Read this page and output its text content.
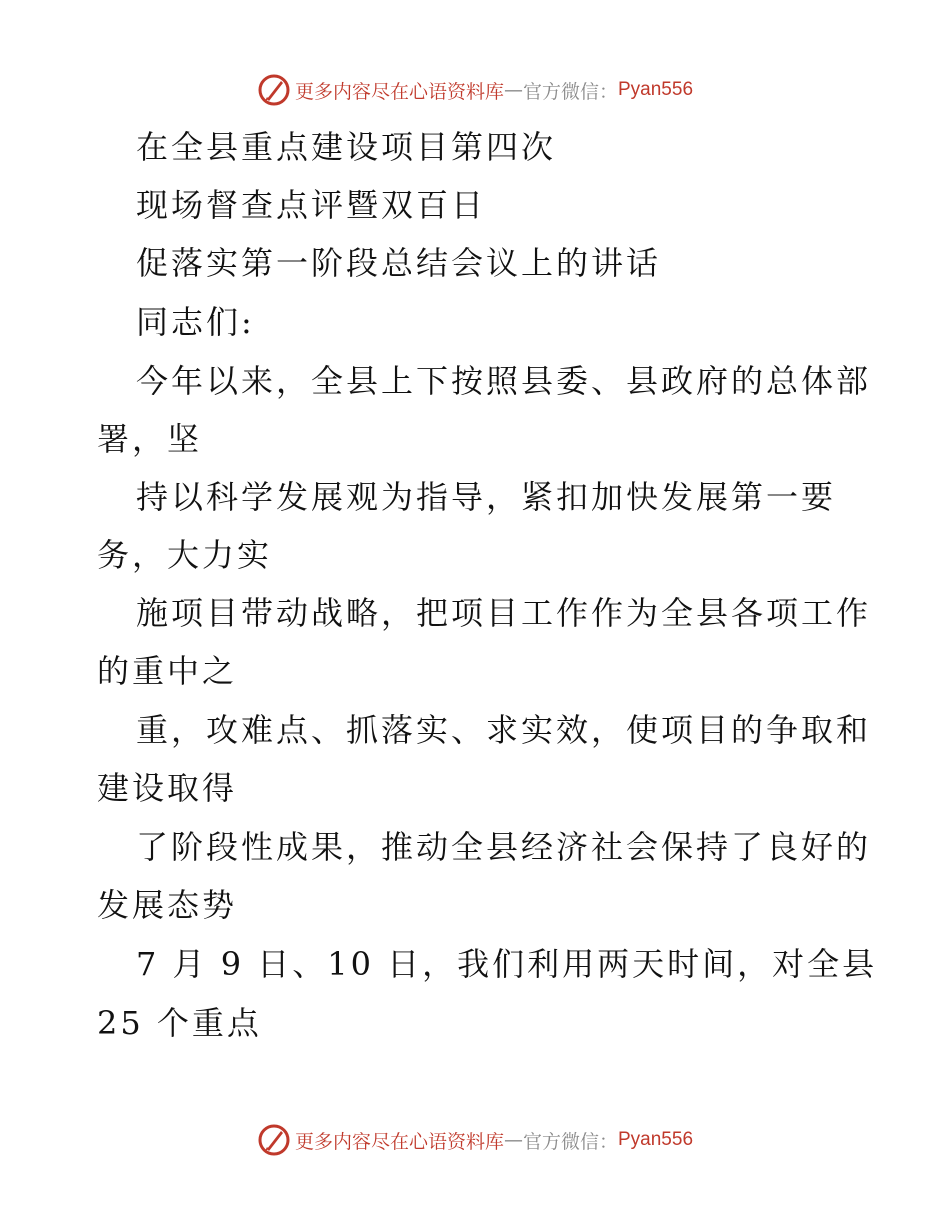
更多内容尽在心语资料库 — 官方微信： Pyan556
在全县重点建设项目第四次
现场督查点评暨双百日
促落实第一阶段总结会议上的讲话
同志们:
今年以来，全县上下按照县委、县政府的总体部
署，坚
持以科学发展观为指导，紧扣加快发展第一要
务，大力实
施项目带动战略，把项目工作作为全县各项工作
的重中之
重，攻难点、抓落实、求实效，使项目的争取和
建设取得
了阶段性成果，推动全县经济社会保持了良好的
发展态势
7 月 9 日、10 日，我们利用两天时间，对全县
25 个重点
更多内容尽在心语资料库 — 官方微信： Pyan556
